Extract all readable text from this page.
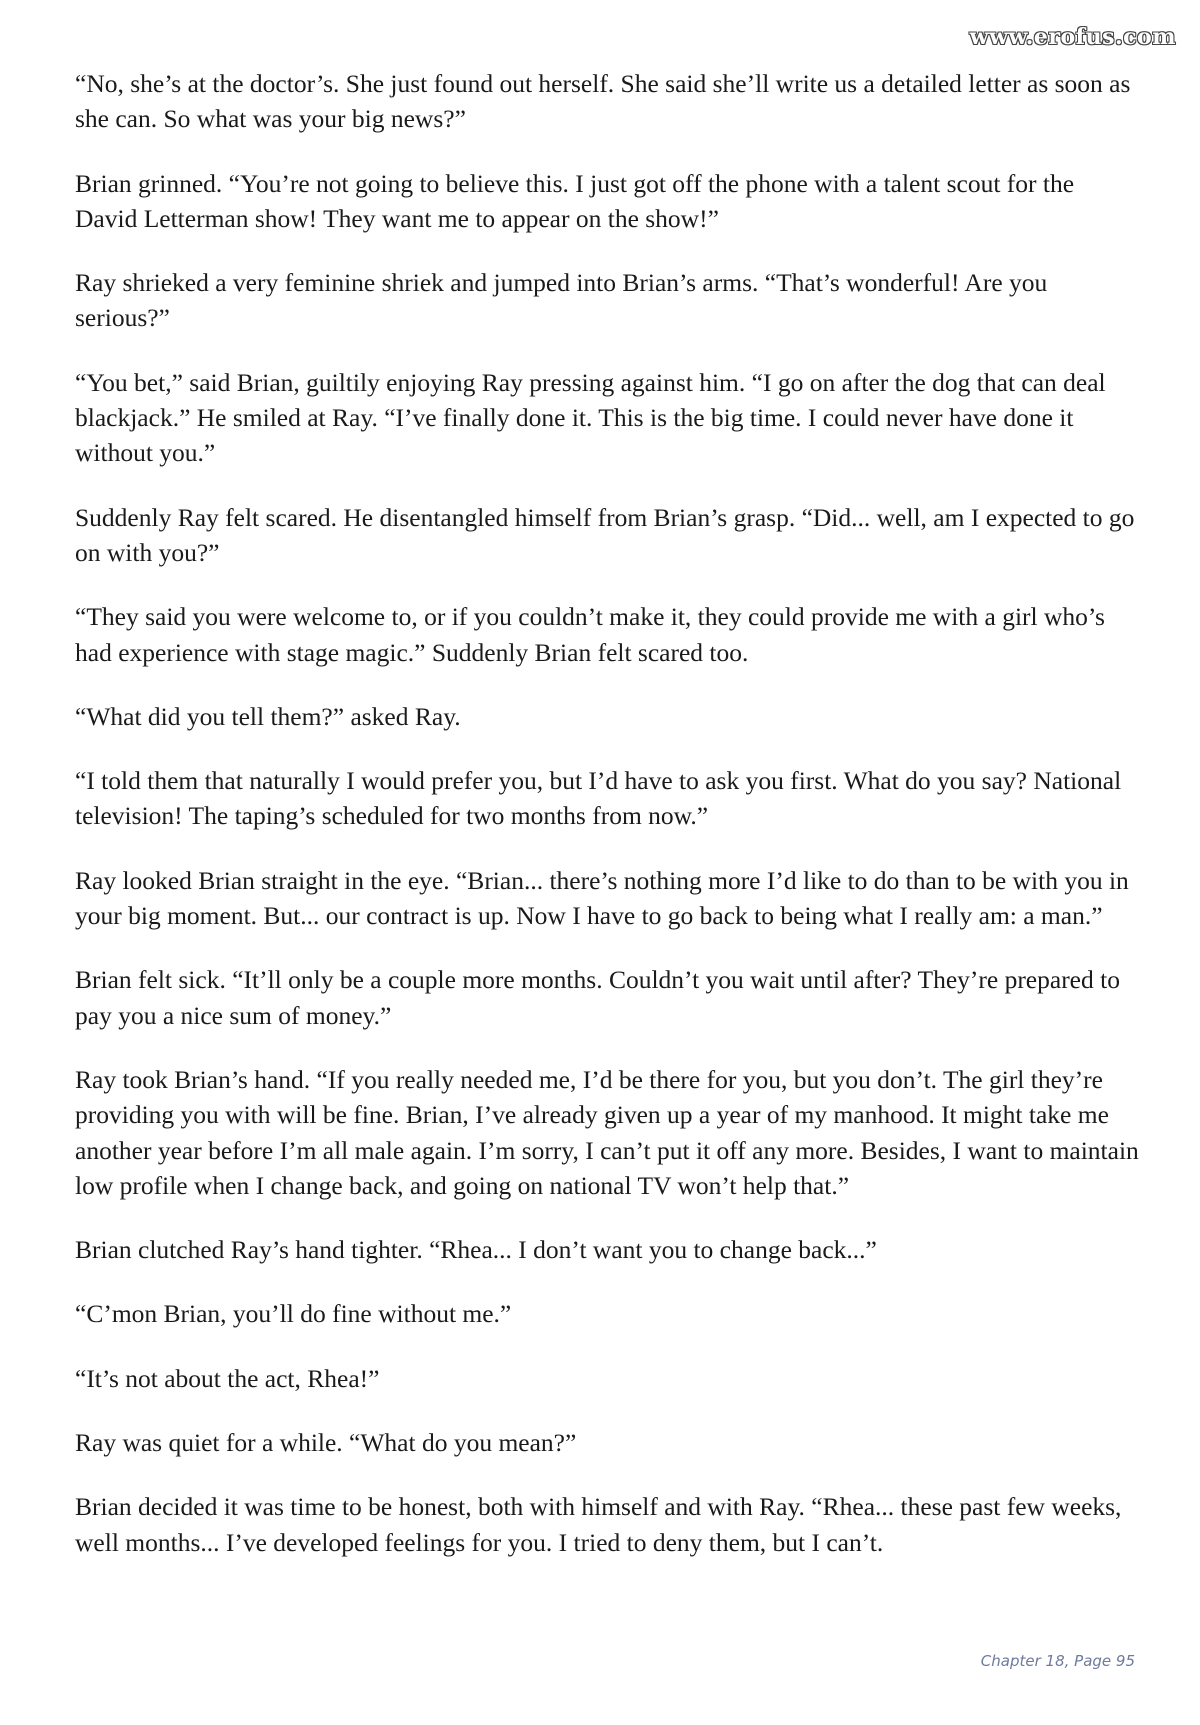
www.erofus.com

“No, she’s at the doctor’s. She just found out herself. She said she’ll write us a detailed letter as soon as she can. So what was your big news?”

Brian grinned. “You’re not going to believe this. I just got off the phone with a talent scout for the David Letterman show! They want me to appear on the show!”

Ray shrieked a very feminine shriek and jumped into Brian’s arms. “That’s wonderful! Are you serious?”

“You bet,” said Brian, guiltily enjoying Ray pressing against him. “I go on after the dog that can deal blackjack.” He smiled at Ray. “I’ve finally done it. This is the big time. I could never have done it without you.”

Suddenly Ray felt scared. He disentangled himself from Brian’s grasp. “Did... well, am I expected to go on with you?”

“They said you were welcome to, or if you couldn’t make it, they could provide me with a girl who’s had experience with stage magic.” Suddenly Brian felt scared too.

“What did you tell them?” asked Ray.

“I told them that naturally I would prefer you, but I’d have to ask you first. What do you say? National television! The taping’s scheduled for two months from now.”

Ray looked Brian straight in the eye. “Brian... there’s nothing more I’d like to do than to be with you in your big moment. But... our contract is up. Now I have to go back to being what I really am: a man.”

Brian felt sick. “It’ll only be a couple more months. Couldn’t you wait until after? They’re prepared to pay you a nice sum of money.”

Ray took Brian’s hand. “If you really needed me, I’d be there for you, but you don’t. The girl they’re providing you with will be fine. Brian, I’ve already given up a year of my manhood. It might take me another year before I’m all male again. I’m sorry, I can’t put it off any more. Besides, I want to maintain low profile when I change back, and going on national TV won’t help that.”

Brian clutched Ray’s hand tighter. “Rhea... I don’t want you to change back...”

“C’mon Brian, you’ll do fine without me.”

“It’s not about the act, Rhea!”

Ray was quiet for a while. “What do you mean?”

Brian decided it was time to be honest, both with himself and with Ray. “Rhea... these past few weeks, well months... I’ve developed feelings for you. I tried to deny them, but I can’t.

Chapter 18, Page 95
